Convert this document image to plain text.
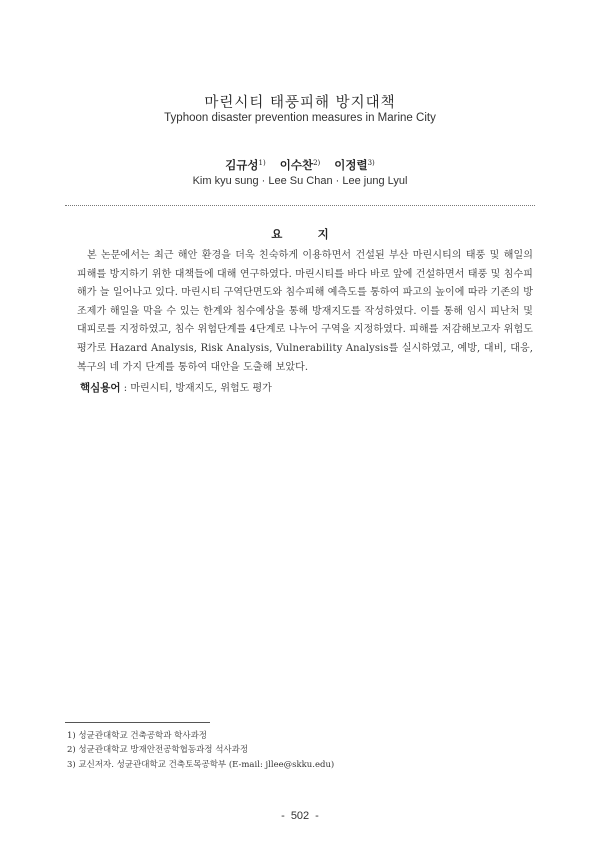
마린시티 태풍피해 방지대책
Typhoon disaster prevention measures in Marine City
김규성$^{1)}$ 이수찬$^{2)}$ 이정렬$^{3)}$
Kim kyu sung · Lee Su Chan · Lee jung Lyul
요 지
본 논문에서는 최근 해안 환경을 더욱 친숙하게 이용하면서 건설된 부산 마린시티의 태풍 및 해일의 피해를 방지하기 위한 대책들에 대해 연구하였다. 마린시티를 바다 바로 앞에 건설하면서 태풍 및 침수피해가 늘 일어나고 있다. 마린시티 구역단면도와 침수피해 예측도를 통하여 파고의 높이에 따라 기존의 방조제가 해일을 막을 수 있는 한계와 침수예상을 통해 방재지도를 작성하였다. 이를 통해 임시 피난처 및 대피로를 지정하였고, 침수 위험단계를 4단계로 나누어 구역을 지정하였다. 피해를 저감해보고자 위험도 평가로 Hazard Analysis, Risk Analysis, Vulnerability Analysis를 실시하였고, 예방, 대비, 대응, 복구의 네 가지 단계를 통하여 대안을 도출해 보았다.
핵심용어 : 마린시티, 방재지도, 위험도 평가
1) 성균관대학교 건축공학과 학사과정
2) 성균관대학교 방재안전공학협동과정 석사과정
3) 교신저자. 성균관대학교 건축토목공학부 (E-mail: jllee@skku.edu)
- 502 -
